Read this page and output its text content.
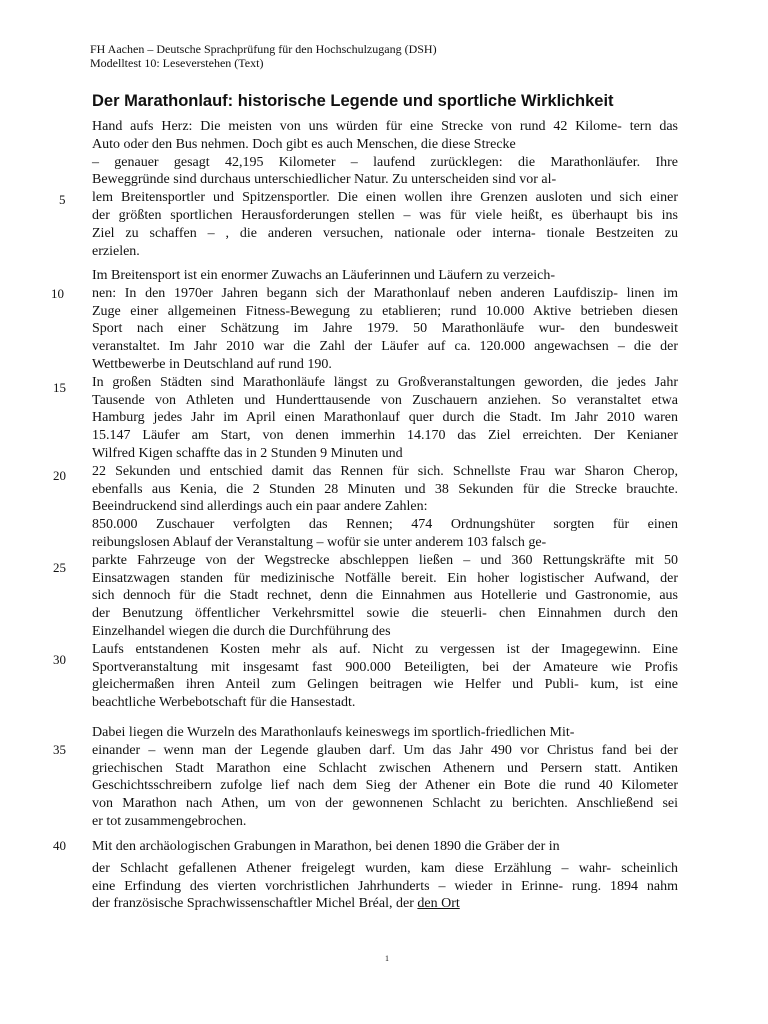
FH Aachen – Deutsche Sprachprüfung für den Hochschulzugang (DSH)
Modelltest 10: Leseverstehen (Text)
Der Marathonlauf: historische Legende und sportliche Wirklichkeit
Hand aufs Herz: Die meisten von uns würden für eine Strecke von rund 42 Kilome- tern das
Auto oder den Bus nehmen. Doch gibt es auch Menschen, die diese Strecke
– genauer gesagt 42,195 Kilometer – laufend zurücklegen: die Marathonläufer. Ihre
Beweggründe sind durchaus unterschiedlicher Natur. Zu unterscheiden sind vor al-
lem Breitensportler und Spitzensportler. Die einen wollen ihre Grenzen ausloten und sich einer
der größten sportlichen Herausforderungen stellen – was für viele heißt, es überhaupt bis ins
Ziel zu schaffen – , die anderen versuchen, nationale oder interna- tionale Bestzeiten zu
erzielen.
Im Breitensport ist ein enormer Zuwachs an Läuferinnen und Läufern zu verzeich-
nen: In den 1970er Jahren begann sich der Marathonlauf neben anderen Laufdiszip- linen im
Zuge einer allgemeinen Fitness-Bewegung zu etablieren; rund 10.000 Aktive betrieben diesen
Sport nach einer Schätzung im Jahre 1979. 50 Marathonläufe wur- den bundesweit
veranstaltet. Im Jahr 2010 war die Zahl der Läufer auf ca. 120.000 angewachsen – die der
Wettbewerbe in Deutschland auf rund 190.
In großen Städten sind Marathonläufe längst zu Großveranstaltungen geworden, die jedes Jahr
Tausende von Athleten und Hunderttausende von Zuschauern anziehen. So veranstaltet etwa
Hamburg jedes Jahr im April einen Marathonlauf quer durch die Stadt. Im Jahr 2010 waren
15.147 Läufer am Start, von denen immerhin 14.170 das Ziel erreichten. Der Kenianer
Wilfred Kigen schaffte das in 2 Stunden 9 Minuten und
22 Sekunden und entschied damit das Rennen für sich. Schnellste Frau war Sharon Cherop,
ebenfalls aus Kenia, die 2 Stunden 28 Minuten und 38 Sekunden für die Strecke brauchte.
Beeindruckend sind allerdings auch ein paar andere Zahlen:
850.000 Zuschauer verfolgten das Rennen; 474 Ordnungshüter sorgten für einen
reibungslosen Ablauf der Veranstaltung – wofür sie unter anderem 103 falsch ge-
parkte Fahrzeuge von der Wegstrecke abschleppen ließen – und 360 Rettungskräfte mit 50
Einsatzwagen standen für medizinische Notfälle bereit. Ein hoher logistischer Aufwand, der
sich dennoch für die Stadt rechnet, denn die Einnahmen aus Hotellerie und Gastronomie, aus
der Benutzung öffentlicher Verkehrsmittel sowie die steuerli- chen Einnahmen durch den
Einzelhandel wiegen die durch die Durchführung des
Laufs entstandenen Kosten mehr als auf. Nicht zu vergessen ist der Imagegewinn. Eine
Sportveranstaltung mit insgesamt fast 900.000 Beteiligten, bei der Amateure wie Profis
gleichermaßen ihren Anteil zum Gelingen beitragen wie Helfer und Publi- kum, ist eine
beachtliche Werbebotschaft für die Hansestadt.
Dabei liegen die Wurzeln des Marathonlaufs keineswegs im sportlich-friedlichen Mit-
einander – wenn man der Legende glauben darf. Um das Jahr 490 vor Christus fand bei der
griechischen Stadt Marathon eine Schlacht zwischen Athenern und Persern statt. Antiken
Geschichtsschreibern zufolge lief nach dem Sieg der Athener ein Bote die rund 40 Kilometer
von Marathon nach Athen, um von der gewonnenen Schlacht zu berichten. Anschließend sei
er tot zusammengebrochen.
Mit den archäologischen Grabungen in Marathon, bei denen 1890 die Gräber der in
der Schlacht gefallenen Athener freigelegt wurden, kam diese Erzählung – wahr- scheinlich
eine Erfindung des vierten vorchristlichen Jahrhunderts – wieder in Erinne- rung. 1894 nahm
der französische Sprachwissenschaftler Michel Bréal, der den Ort
5
10
15
20
25
30
35
40
1
